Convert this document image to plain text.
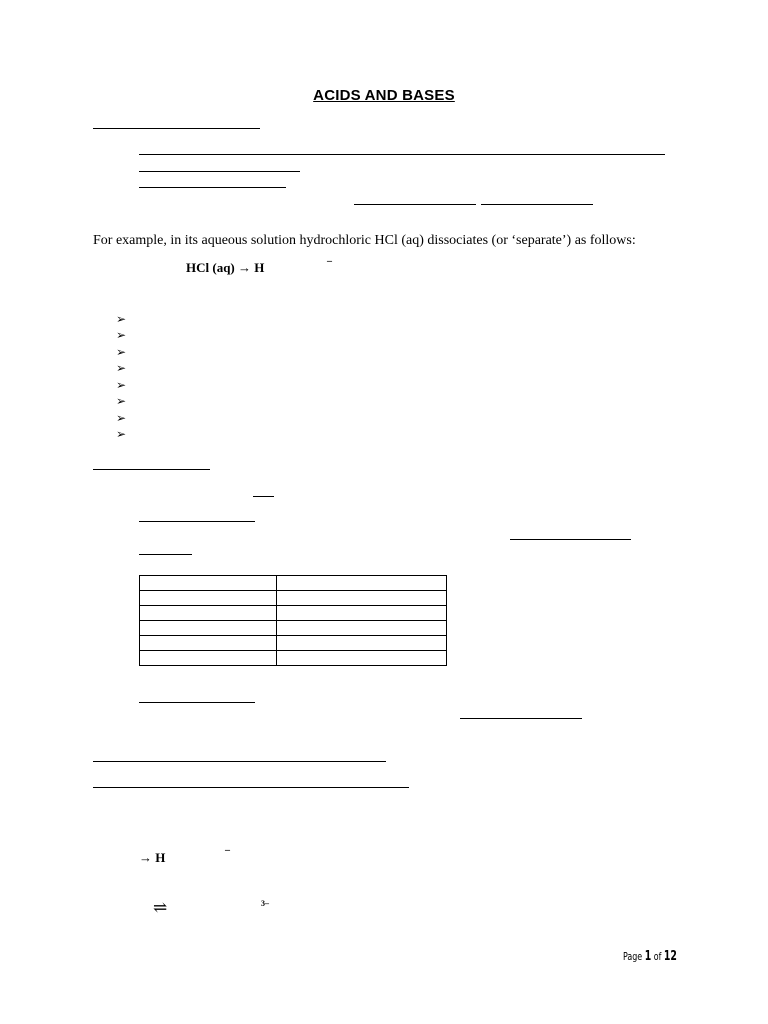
ACIDS AND BASES
For example, in its aqueous solution hydrochloric HCl (aq) dissociates (or ‘separate’) as follows:
HCl (aq) → H	–
➢
➢
➢
➢
➢
➢
➢
➢

→ H	–
⇌	3–
Page 1 of 12
